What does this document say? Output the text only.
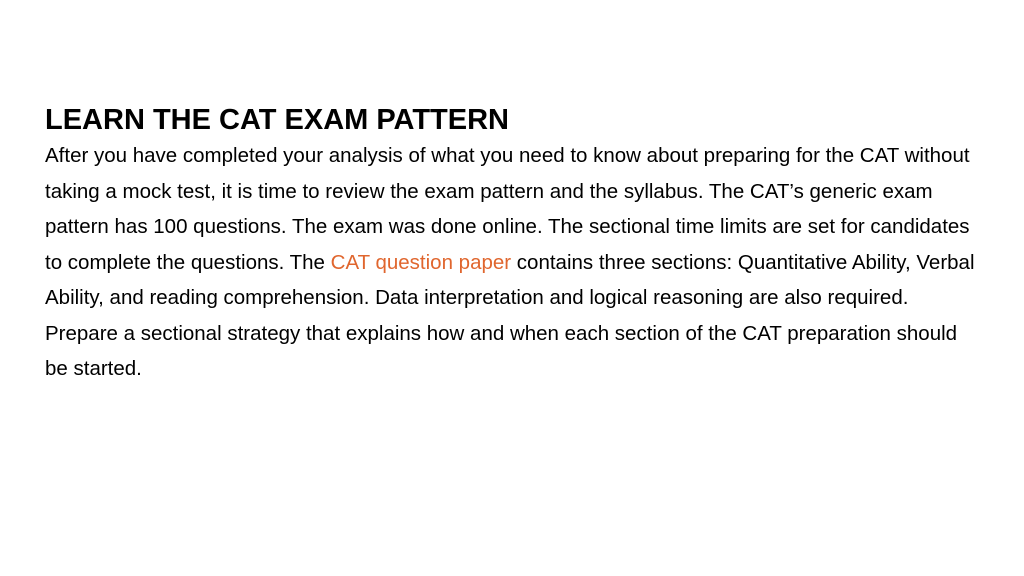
LEARN THE CAT EXAM PATTERN

After you have completed your analysis of what you need to know about preparing for the CAT without taking a mock test, it is time to review the exam pattern and the syllabus. The CAT’s generic exam pattern has 100 questions. The exam was done online. The sectional time limits are set for candidates to complete the questions. The CAT question paper contains three sections: Quantitative Ability, Verbal Ability, and reading comprehension. Data interpretation and logical reasoning are also required. Prepare a sectional strategy that explains how and when each section of the CAT preparation should be started.
